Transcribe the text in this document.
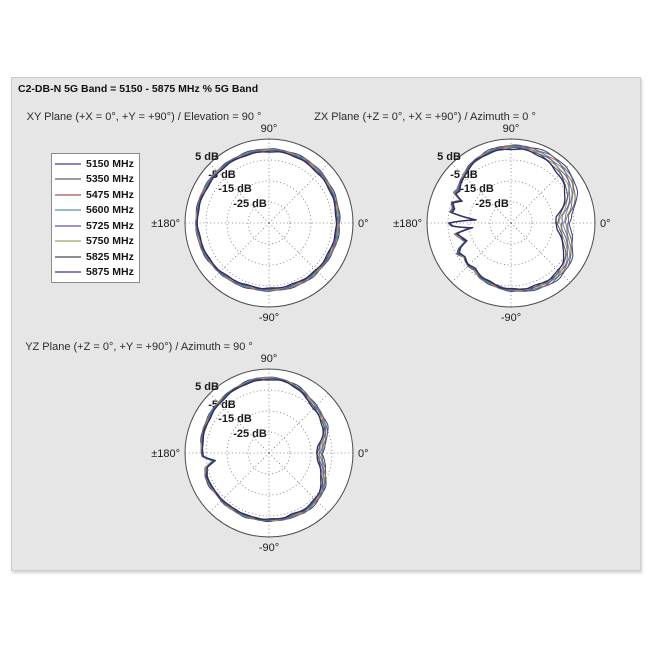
C2-DB-N 5G Band = 5150 - 5875 MHz % 5G Band
XY Plane (+X = 0°, +Y = +90°) / Elevation = 90 °	ZX Plane (+Z = 0°, +X = +90°) / Azimuth = 0 °
YZ Plane (+Z = 0°, +Y = +90°) / Azimuth = 90 °
5 dB
-5 dB
-15 dB
-25 dB
90°
-90°
0°
±180°
5 dB
-5 dB
-15 dB
-25 dB
90°
-90°
0°
±180°
5 dB
-5 dB
-15 dB
-25 dB
90°
-90°
0°
±180°
5150 MHz
5350 MHz
5475 MHz
5600 MHz
5725 MHz
5750 MHz
5825 MHz
5875 MHz
